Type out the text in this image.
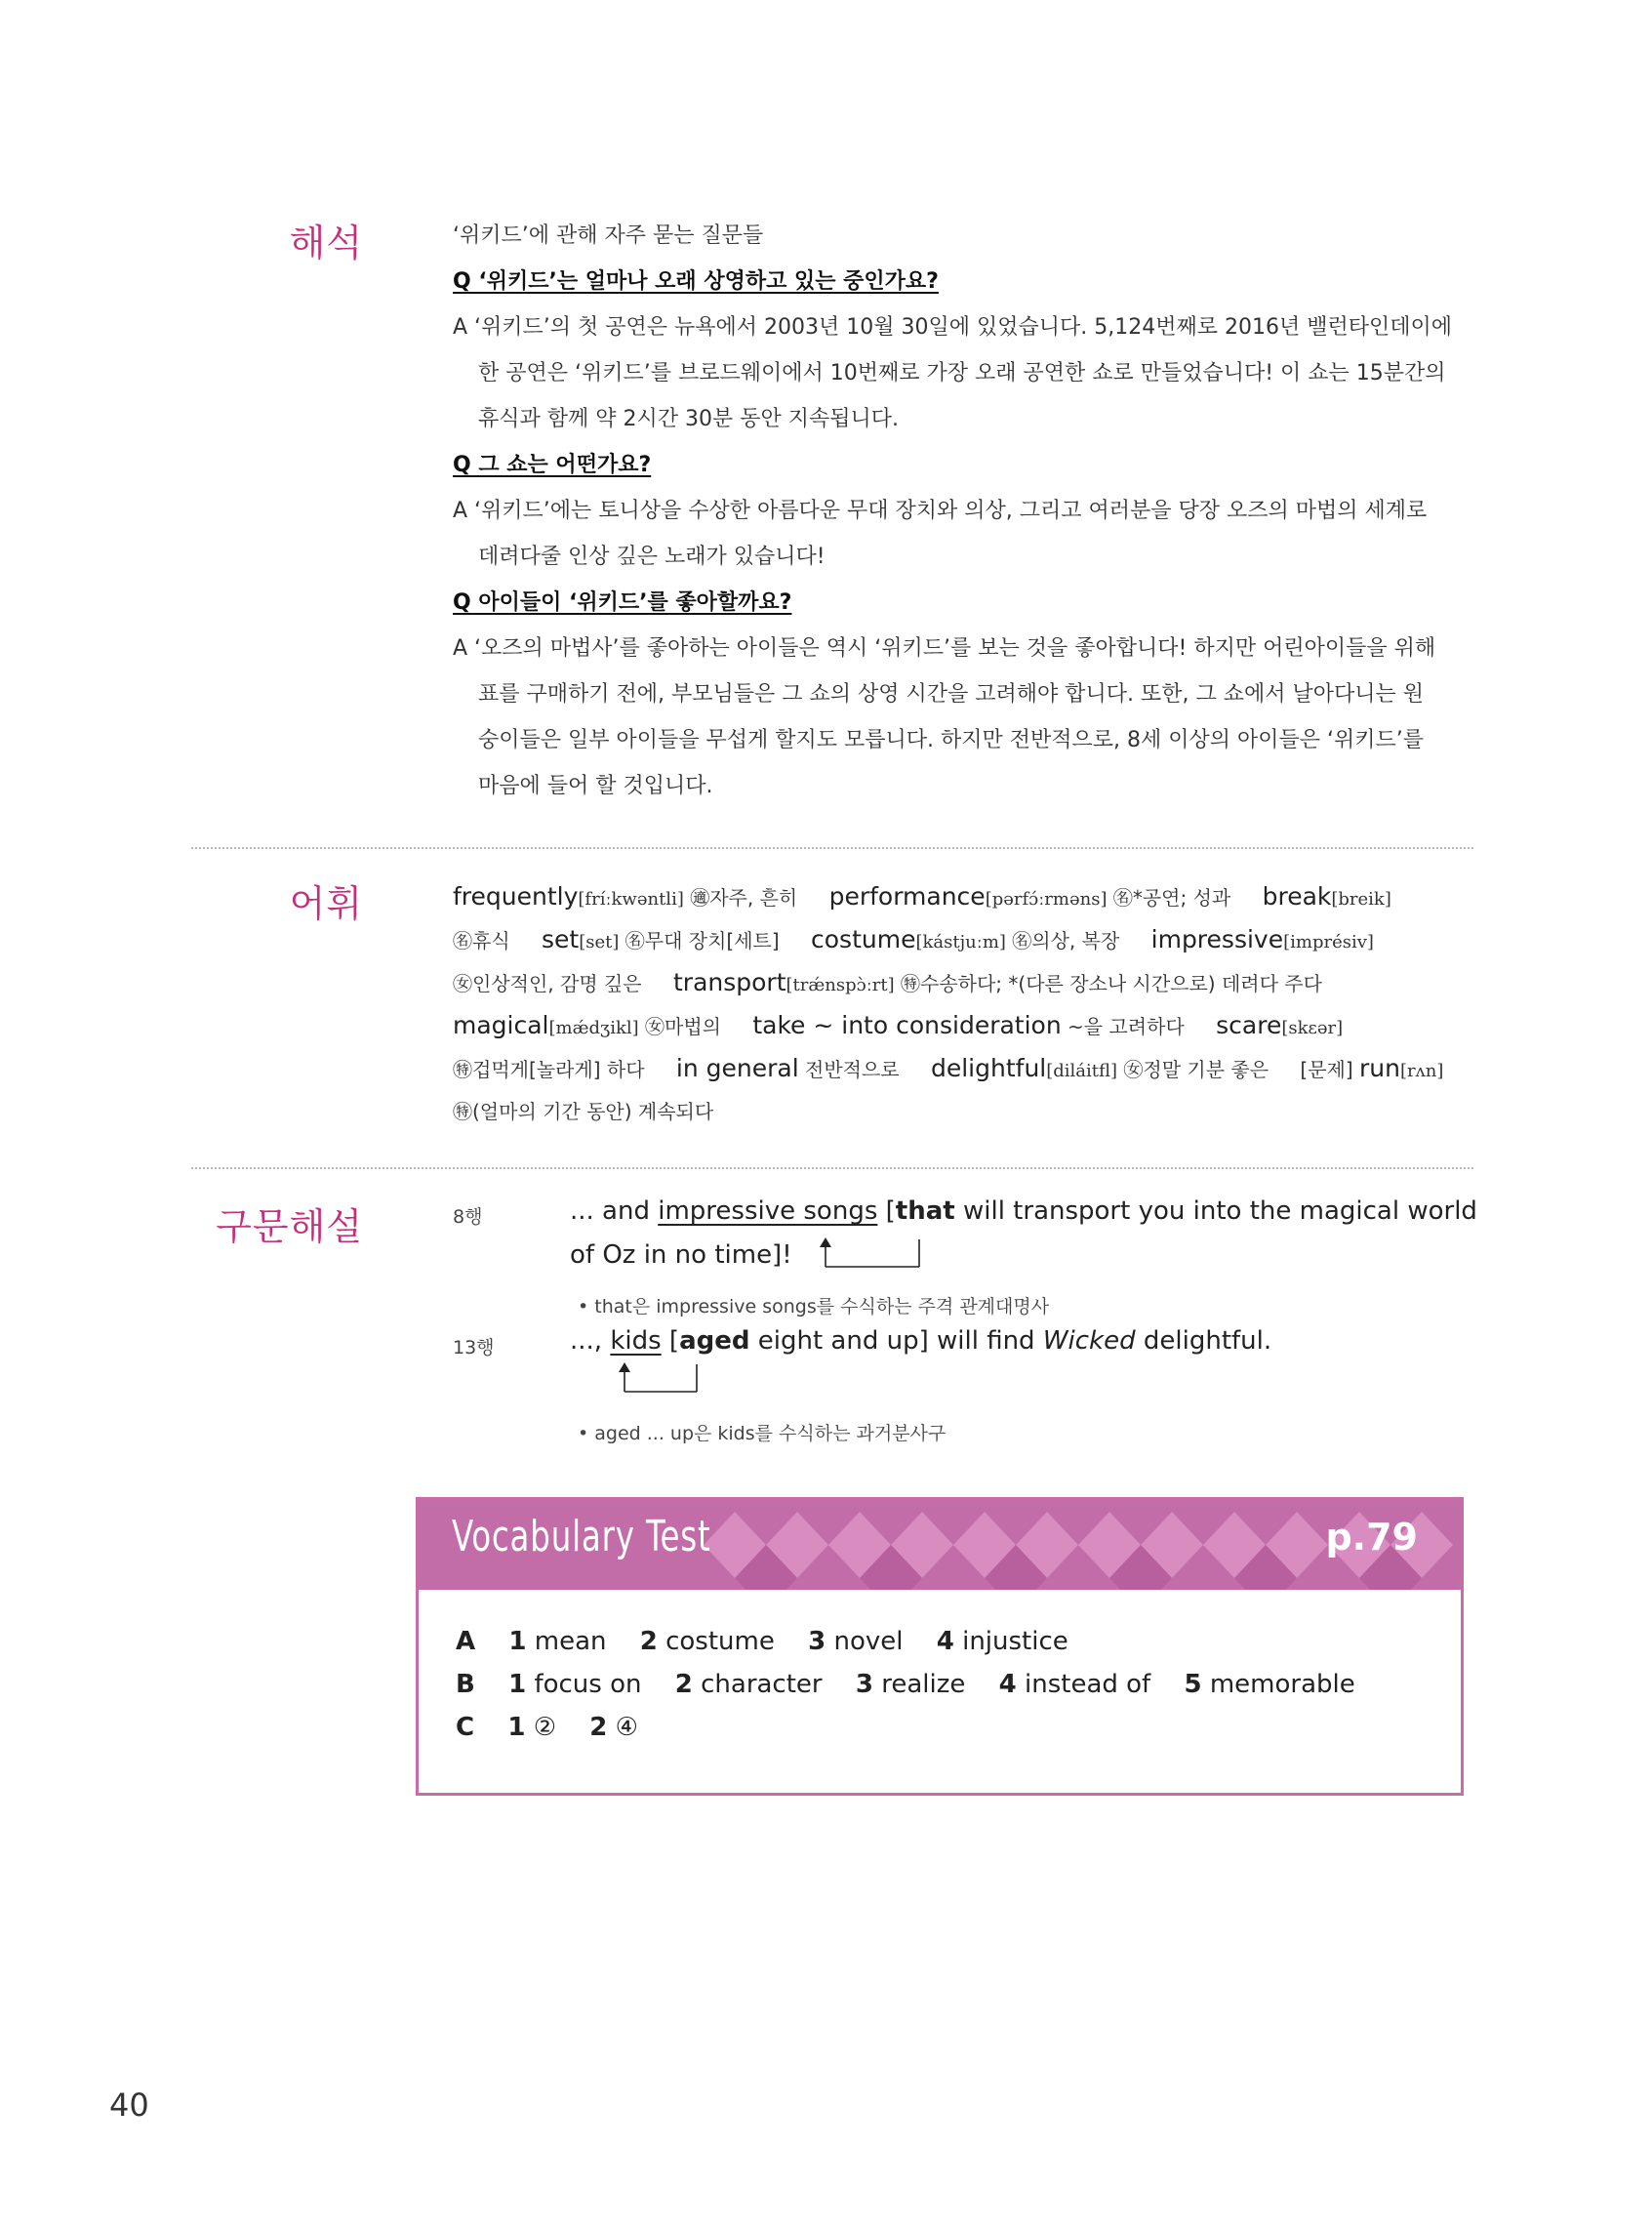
해석	‘위키드’에 관해 자주 묻는 질문들
Q ‘위키드’는 얼마나 오래 상영하고 있는 중인가요?
A ‘위키드’의 첫 공연은 뉴욕에서 2003년 10월 30일에 있었습니다. 5,124번째로 2016년 밸런타인데이에
한 공연은 ‘위키드’를 브로드웨이에서 10번째로 가장 오래 공연한 쇼로 만들었습니다! 이 쇼는 15분간의
휴식과 함께 약 2시간 30분 동안 지속됩니다.
Q 그 쇼는 어떤가요?
A ‘위키드’에는 토니상을 수상한 아름다운 무대 장치와 의상, 그리고 여러분을 당장 오즈의 마법의 세계로
데려다줄 인상 깊은 노래가 있습니다!
Q 아이들이 ‘위키드’를 좋아할까요?
A ‘오즈의 마법사’를 좋아하는 아이들은 역시 ‘위키드’를 보는 것을 좋아합니다! 하지만 어린아이들을 위해
표를 구매하기 전에, 부모님들은 그 쇼의 상영 시간을 고려해야 합니다. 또한, 그 쇼에서 날아다니는 원
숭이들은 일부 아이들을 무섭게 할지도 모릅니다. 하지만 전반적으로, 8세 이상의 아이들은 ‘위키드’를
마음에 들어 할 것입니다.
어휘	frequently[fríːkwəntli] ㊜자주, 흔히 performance[pərfɔ́ːrməns] ㊔*공연; 성과 break[breik]
㊔휴식 set[set] ㊔무대 장치[세트] costume[kástjuːm] ㊔의상, 복장 impressive[imprésiv]
㊛인상적인, 감명 깊은 transport[trǽnspɔ̀ːrt] ㊕수송하다; *(다른 장소나 시간으로) 데려다 주다
magical[mǽdʒikl] ㊛마법의 take ~ into consideration ~을 고려하다 scare[skɛər]
㊕겁먹게[놀라게] 하다 in general 전반적으로 delightful[diláitfl] ㊛정말 기분 좋은 [문제] run[rʌn]
㊕(얼마의 기간 동안) 계속되다
구문해설	8행	... and impressive songs [that will transport you into the magical world
of Oz in no time]!
• that은 impressive songs를 수식하는 주격 관계대명사
13행	..., kids [aged eight and up] will find Wicked delightful.
• aged ... up은 kids를 수식하는 과거분사구
Vocabulary Test	p.79
A 1 mean 2 costume 3 novel 4 injustice
B 1 focus on 2 character 3 realize 4 instead of 5 memorable
C 1 ② 2 ④
40
